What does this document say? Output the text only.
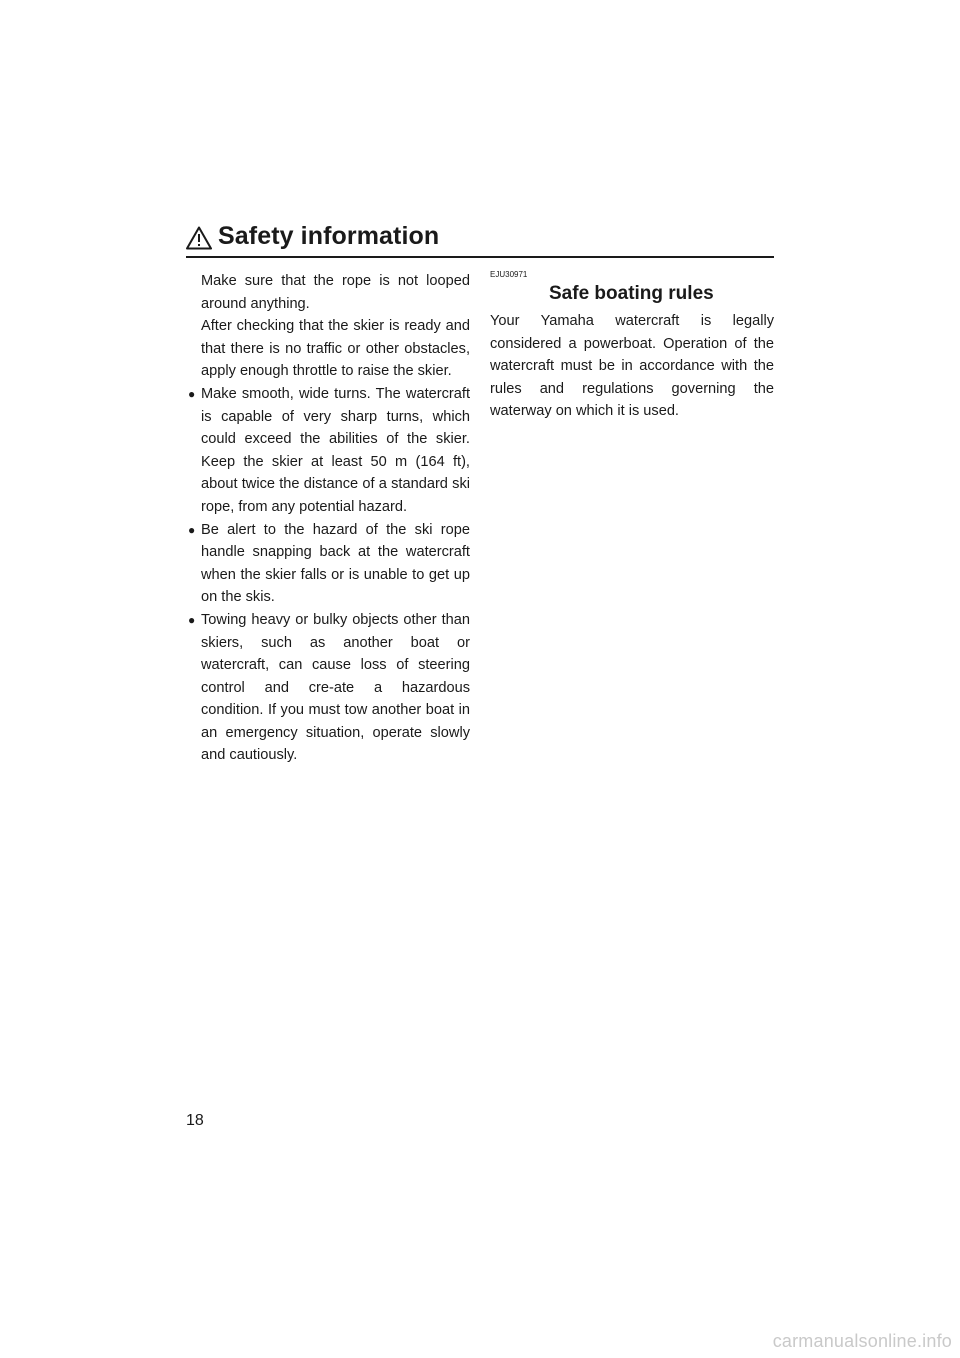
Safety information

Make sure that the rope is not looped around anything.

After checking that the skier is ready and that there is no traffic or other obstacles, apply enough throttle to raise the skier.

● Make smooth, wide turns. The watercraft is capable of very sharp turns, which could exceed the abilities of the skier. Keep the skier at least 50 m (164 ft), about twice the distance of a standard ski rope, from any potential hazard.

● Be alert to the hazard of the ski rope handle snapping back at the watercraft when the skier falls or is unable to get up on the skis.

● Towing heavy or bulky objects other than skiers, such as another boat or watercraft, can cause loss of steering control and cre-ate a hazardous condition. If you must tow another boat in an emergency situation, operate slowly and cautiously.

EJU30971
Safe boating rules

Your Yamaha watercraft is legally considered a powerboat. Operation of the watercraft must be in accordance with the rules and regulations governing the waterway on which it is used.

18
carmanualsonline.info
